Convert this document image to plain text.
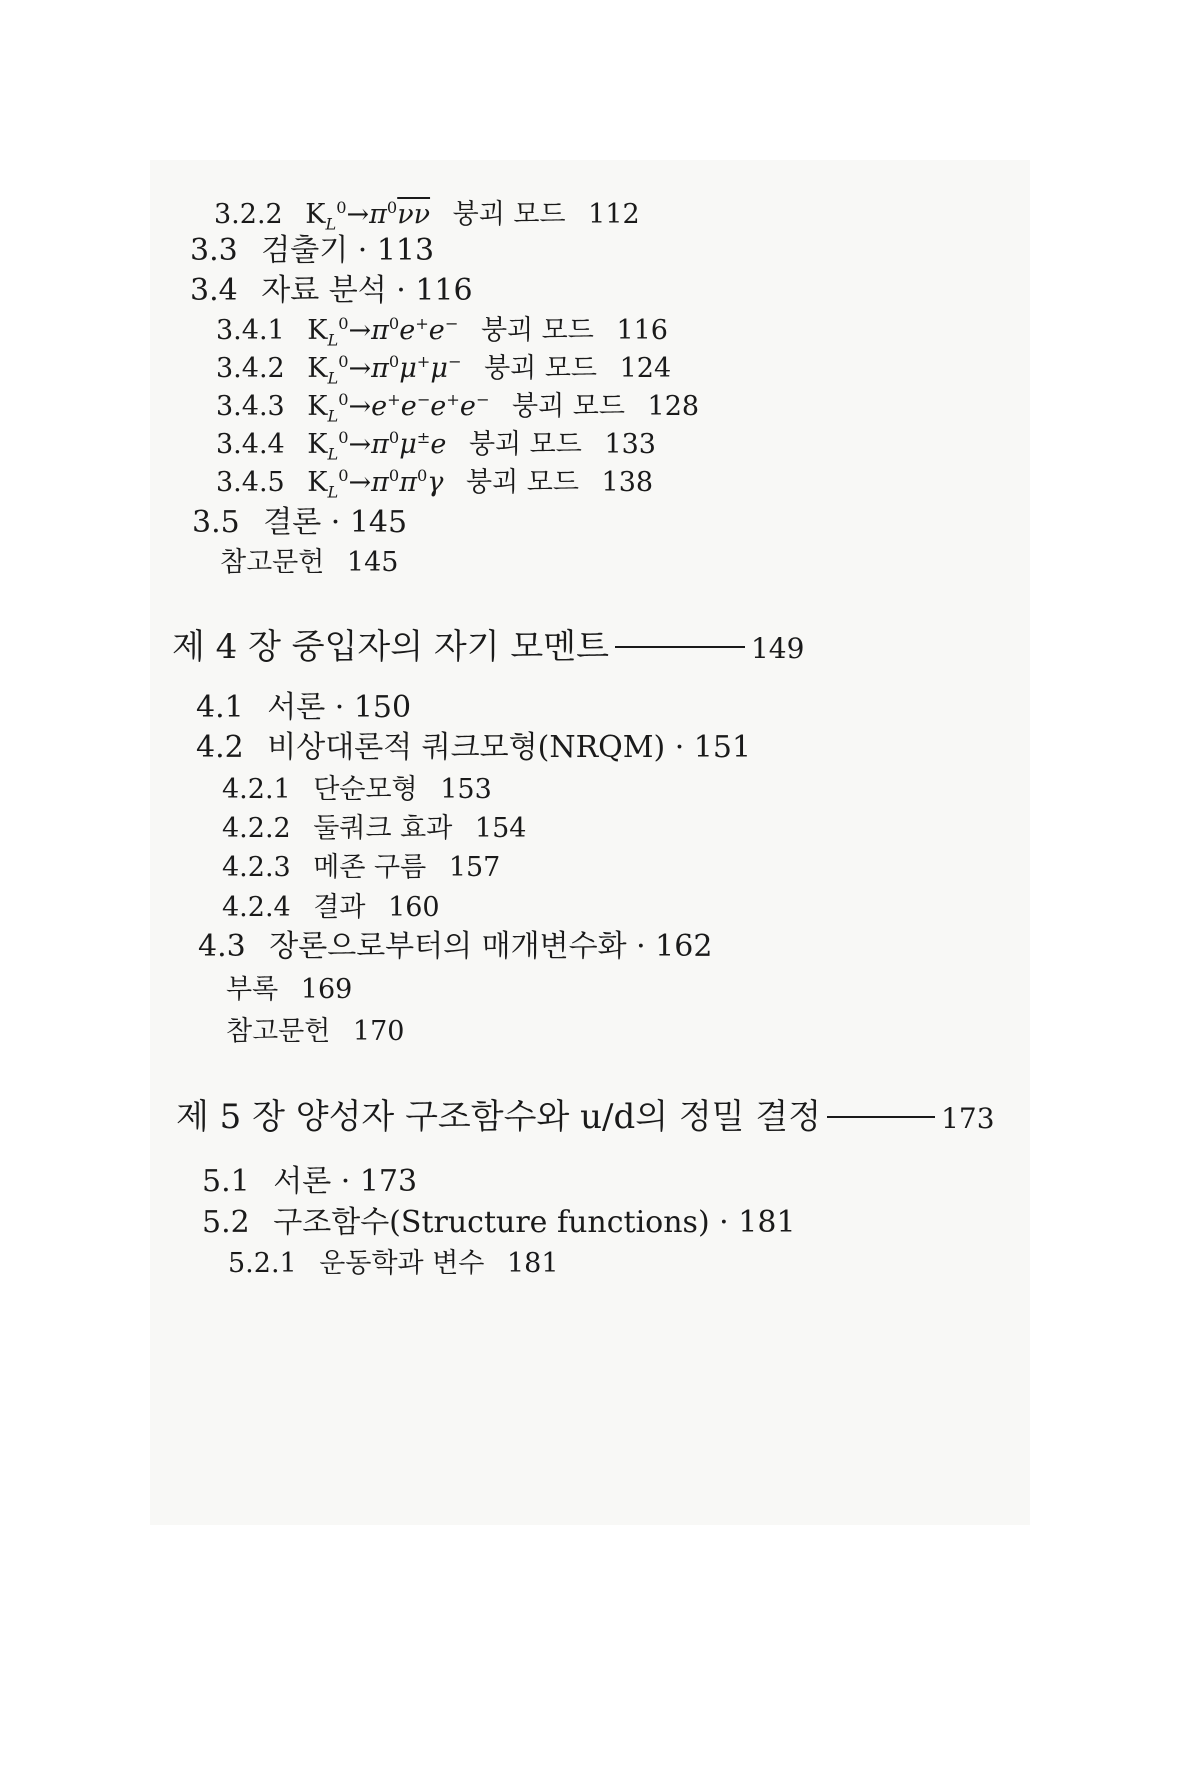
3.2.2 $K_L^0\to\pi^0\overline{\nu\nu}$ 붕괴 모드 112
3.3 검출기 · 113
3.4 자료 분석 · 116
3.4.1 $K_L^0\to\pi^0e^+e^-$ 붕괴 모드 116
3.4.2 $K_L^0\to\pi^0\mu^+\mu^-$ 붕괴 모드 124
3.4.3 $K_L^0\to e^+e^-e^+e^-$ 붕괴 모드 128
3.4.4 $K_L^0\to\pi^0\mu^\pm e$ 붕괴 모드 133
3.4.5 $K_L^0\to\pi^0\pi^0\gamma$ 붕괴 모드 138
3.5 결론 · 145
참고문헌 145
제 4 장 중입자의 자기 모멘트	149
4.1 서론 · 150
4.2 비상대론적 쿼크모형(NRQM) · 151
4.2.1 단순모형 153
4.2.2 둘쿼크 효과 154
4.2.3 메존 구름 157
4.2.4 결과 160
4.3 장론으로부터의 매개변수화 · 162
부록 169
참고문헌 170
제 5 장 양성자 구조함수와 u/d의 정밀 결정	173
5.1 서론 · 173
5.2 구조함수(Structure functions) · 181
5.2.1 운동학과 변수 181
